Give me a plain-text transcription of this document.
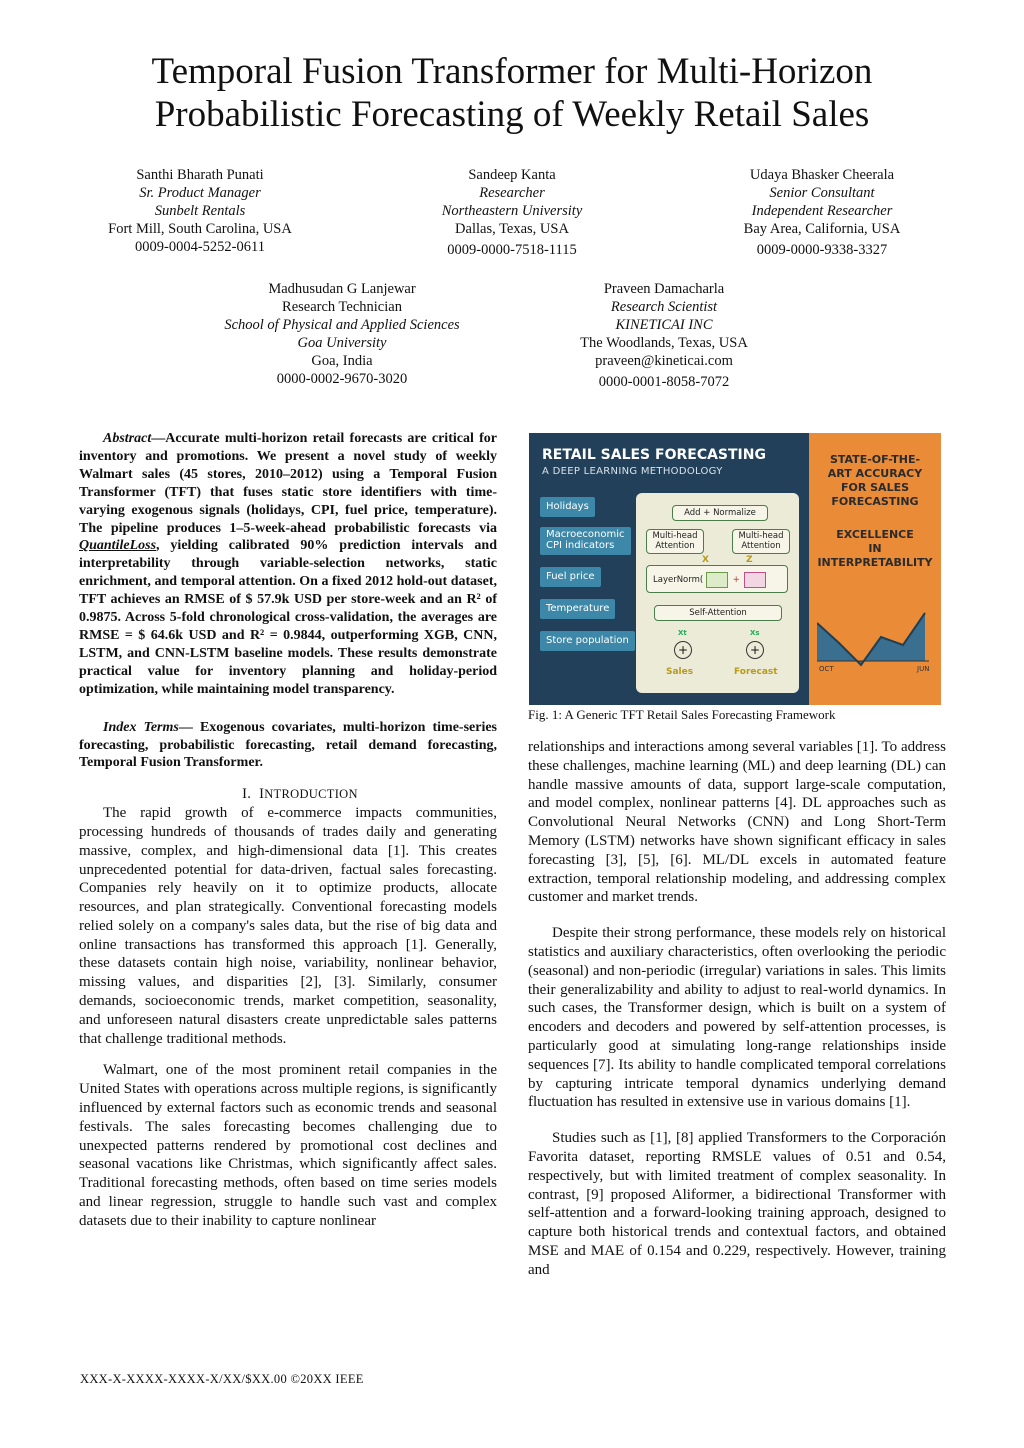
Temporal Fusion Transformer for Multi-Horizon
Probabilistic Forecasting of Weekly Retail Sales
Santhi Bharath Punati
Sr. Product Manager
Sunbelt Rentals
Fort Mill, South Carolina, USA
0009-0004-5252-0611
Sandeep Kanta
Researcher
Northeastern University
Dallas, Texas, USA
0009-0000-7518-1115
Udaya Bhasker Cheerala
Senior Consultant
Independent Researcher
Bay Area, California, USA
0009-0000-9338-3327
Madhusudan G Lanjewar
Research Technician
School of Physical and Applied Sciences
Goa University
Goa, India
0000-0002-9670-3020
Praveen Damacharla
Research Scientist
KINETICAI INC
The Woodlands, Texas, USA
praveen@kineticai.com
0000-0001-8058-7072

Abstract—Accurate multi-horizon retail forecasts are critical for inventory and promotions. We present a novel study of weekly Walmart sales (45 stores, 2010–2012) using a Temporal Fusion Transformer (TFT) that fuses static store identifiers with time-varying exogenous signals (holidays, CPI, fuel price, temperature). The pipeline produces 1–5-week-ahead probabilistic forecasts via QuantileLoss, yielding calibrated 90% prediction intervals and interpretability through variable-selection networks, static enrichment, and temporal attention. On a fixed 2012 hold-out dataset, TFT achieves an RMSE of $ 57.9k USD per store-week and an R² of 0.9875. Across 5-fold chronological cross-validation, the averages are RMSE = $ 64.6k USD and R² = 0.9844, outperforming XGB, CNN, LSTM, and CNN-LSTM baseline models. These results demonstrate practical value for inventory planning and holiday-period optimization, while maintaining model transparency.

Index Terms— Exogenous covariates, multi-horizon time-series forecasting, probabilistic forecasting, retail demand forecasting, Temporal Fusion Transformer.

I. INTRODUCTION

The rapid growth of e-commerce impacts communities, processing hundreds of thousands of trades daily and generating massive, complex, and high-dimensional data [1]. This creates unprecedented potential for data-driven, factual sales forecasting. Companies rely heavily on it to optimize products, allocate resources, and plan strategically. Conventional forecasting models relied solely on a company's sales data, but the rise of big data and online transactions has transformed this approach [1]. Generally, these datasets contain high noise, variability, nonlinear behavior, missing values, and disparities [2], [3]. Similarly, consumer demands, socioeconomic trends, market competition, seasonality, and unforeseen natural disasters create unpredictable sales patterns that challenge traditional methods.

Walmart, one of the most prominent retail companies in the United States with operations across multiple regions, is significantly influenced by external factors such as economic trends and seasonal festivals. The sales forecasting becomes challenging due to unexpected patterns rendered by promotional cost declines and seasonal vacations like Christmas, which significantly affect sales. Traditional forecasting methods, often based on time series models and linear regression, struggle to handle such vast and complex datasets due to their inability to capture nonlinear

RETAIL SALES FORECASTING
A DEEP LEARNING METHODOLOGY
Holidays
Macroeconomic
CPI indicators
Fuel price
Temperature
Store population
Add + Normalize
Multi-head
Attention
Multi-head
Attention
LayerNorm(	+
X	Z
Self-Attention
Xt	Xs
+	+
Sales	Forecast
STATE-OF-THE-
ART ACCURACY
FOR SALES
FORECASTING
EXCELLENCE
IN
INTERPRETABILITY
OCT	JUN
Fig. 1: A Generic TFT Retail Sales Forecasting Framework

relationships and interactions among several variables [1]. To address these challenges, machine learning (ML) and deep learning (DL) can handle massive amounts of data, support large-scale computation, and model complex, nonlinear patterns [4]. DL approaches such as Convolutional Neural Networks (CNN) and Long Short-Term Memory (LSTM) networks have shown significant efficacy in sales forecasting [3], [5], [6]. ML/DL excels in automated feature extraction, temporal relationship modeling, and addressing complex customer and market trends.

Despite their strong performance, these models rely on historical statistics and auxiliary characteristics, often overlooking the periodic (seasonal) and non-periodic (irregular) variations in sales. This limits their generalizability and ability to adjust to real-world dynamics. In such cases, the Transformer design, which is built on a system of encoders and decoders and powered by self-attention processes, is particularly good at simulating long-range relationships inside sequences [7]. Its ability to handle complicated temporal correlations by capturing intricate temporal dynamics underlying demand fluctuation has resulted in extensive use in various domains [1].

Studies such as [1], [8] applied Transformers to the Corporación Favorita dataset, reporting RMSLE values of 0.51 and 0.54, respectively, but with limited treatment of complex seasonality. In contrast, [9] proposed Aliformer, a bidirectional Transformer with self-attention and a forward-looking training approach, designed to capture both historical trends and contextual factors, and obtained MSE and MAE of 0.154 and 0.229, respectively. However, training and

XXX-X-XXXX-XXXX-X/XX/$XX.00 ©20XX IEEE
